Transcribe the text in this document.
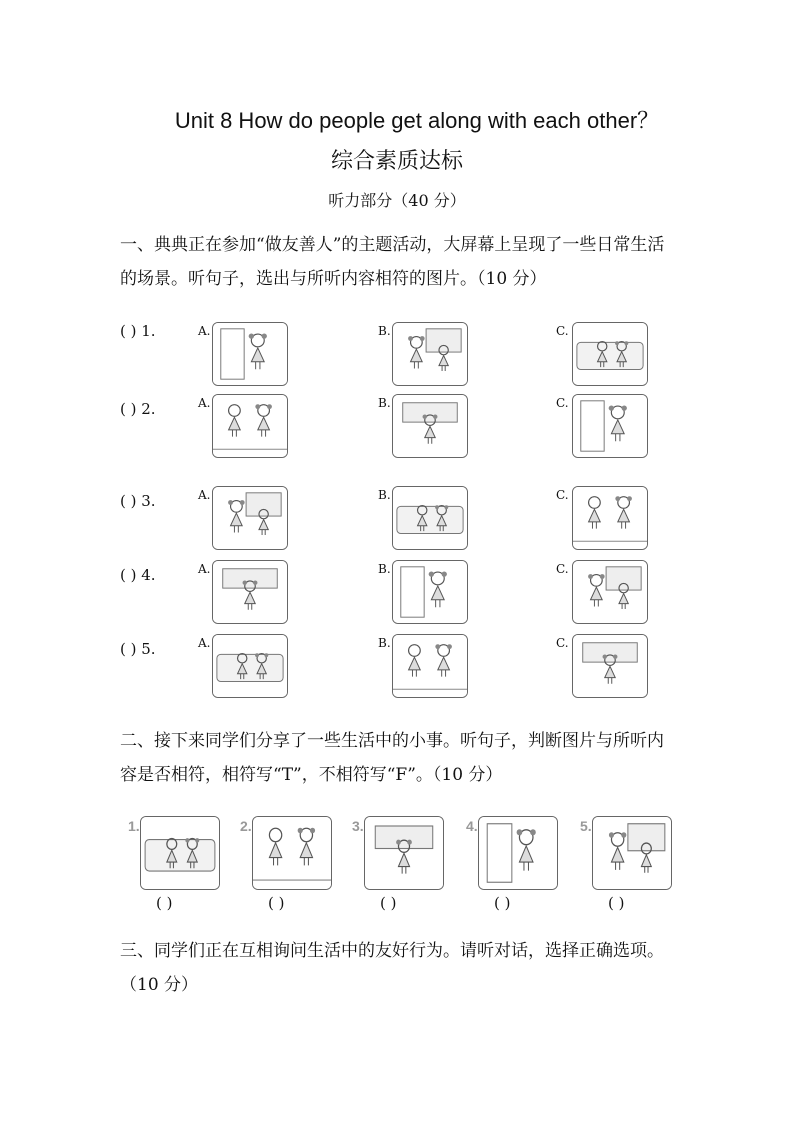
Unit 8 How do people get along with each other？
综合素质达标
听力部分（40 分）
一、典典正在参加“做友善人”的主题活动，大屏幕上呈现了一些日常生活的场景。听句子，选出与所听内容相符的图片。（10 分）
( ) 1.	A.	B.	C.
( ) 2.	A.	B.	C.
( ) 3.	A.	B.	C.
( ) 4.	A.	B.	C.
( ) 5.	A.	B.	C.
二、接下来同学们分享了一些生活中的小事。听句子，判断图片与所听内容是否相符，相符写“T”，不相符写“F”。（10 分）
1.
( )
2.
( )
3.
( )
4.
( )
5.
( )
三、同学们正在互相询问生活中的友好行为。请听对话，选择正确选项。（10 分）
